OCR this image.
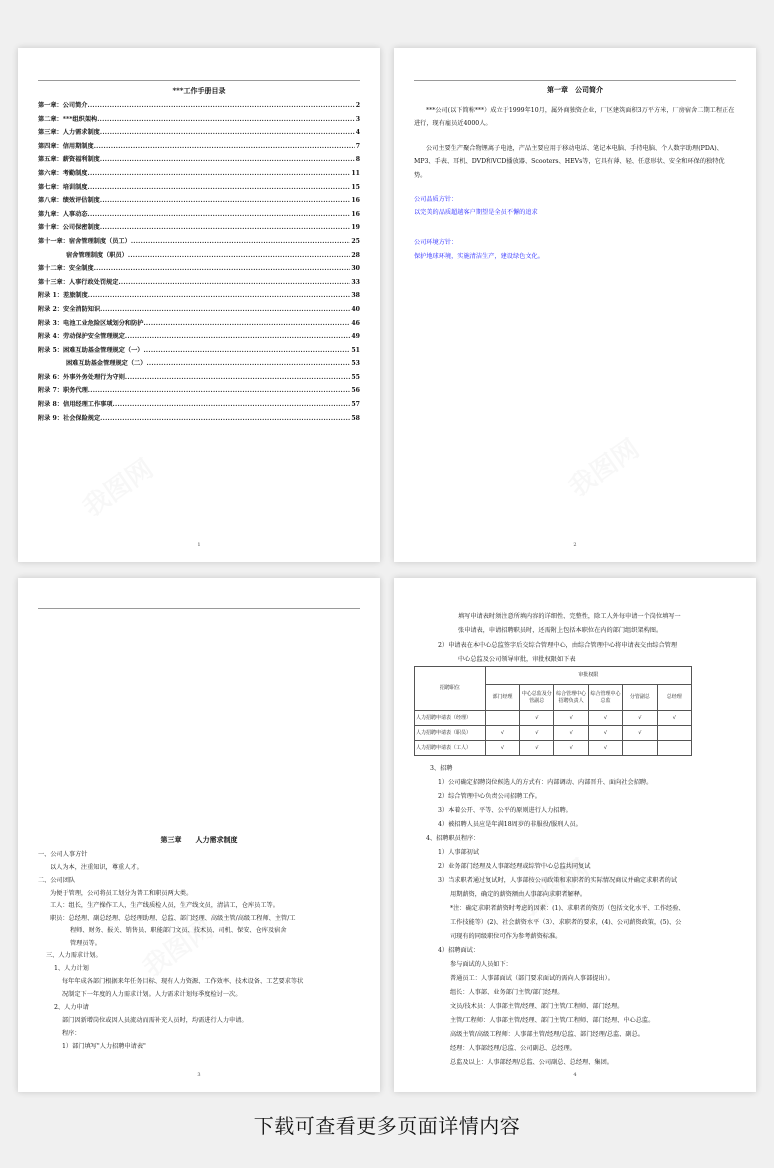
***工作手册目录
第一章：公司简介 .....	2
第二章：***组织架构 .....	3
第三章：人力需求制度 .....	4
第四章：信用期制度 .....	7
第五章：薪资福利制度 .....	8
第六章：考勤制度 .....	11
第七章：培训制度 .....	15
第八章：绩效评估制度 .....	16
第九章：人事动态 .....	16
第十章：公司保密制度 .....	19
第十一章：宿舍管理制度（员工） .....	25
宿舍管理制度（职员） .....	28
第十二章：安全制度 .....	30
第十三章：人事行政处罚规定 .....	33
附录 1：差旅制度 .....	38
附录 2：安全消防知识 .....	40
附录 3：电池工业危险区域划分和防护 .....	46
附录 4：劳动保护安全管理规定 .....	49
附录 5：困难互助基金管理规定（一） .....	51
困难互助基金管理规定（二） .....	53
附录 6：外事外务处理行为守则 .....	55
附录 7：职务代理 .....	56
附录 8：信用经理工作事项 .....	57
附录 9：社会保险规定 .....	58
1
第一章　公司简介
***公司(以下简称***）成立于1999年10月，属外商独资企业，厂区建筑面积3万平方米，厂房宿舍二期工程正在进行，现有雇员近4000人。
公司主要生产聚合物锂离子电池，产品主要应用于移动电话、笔记本电脑、手持电脑、个人数字助理(PDA)、MP3、手表、耳机、DVD和VCD播放器、Scooters、HEVs等，它具有薄、轻、任意形状、安全和环保的独特优势。
公司品质方针：
以完美的品质超越客户期望是全员不懈的追求
公司环境方针：
保护地球环境，实施清洁生产，建设绿色文化。
2
第三章　　人力需求制度
3
一、公司人事方针
以人为本，注重知识，尊重人才。
二、公司团队
为便于管理，公司将员工划分为普工和职员两大类。
工人：组长，生产操作工人，生产线质检人员，生产线文员，清洁工，仓库员工等。
职员：总经理、副总经理、总经理助理、总监、部门经理、高级主管/高级工程师、主管/工
程师、财务、报关、销售员、职能部门文员、技术员、司机、保安、仓库及宿舍
管理员等。
三、人力需求计划。
1、人力计划
每年年成各部门根据来年任务目标、现有人力资源、工作效率、技术设备、工艺要求等状
况制定下一年度的人力需求计划。人力需求计划每季度检讨一次。
2、人力申请
部门因新增岗位或因人员流动而需补充人员时，均需进行人力申请。
程序：
1）部门填写"人力招聘申请表"
招聘职位	审批权限					
	部门经理	中心总监及分管副总	综合管理中心招聘负责人	综合管理中心总监	分管副总	总经理
人力招聘申请表（经理）		√	√	√	√	√
人力招聘申请表（职员）	√	√	√	√	√	
人力招聘申请表（工人）	√	√	√	√		
4
填写申请表时须注意所填内容的详细性、完整性，除工人外每申请一个岗位填写一
张申请表，申请招聘职员时，还需附上包括本职位在内的部门组织架构图。
2）申请表在本中心总监签字后交综合管理中心，由综合管理中心将申请表交由综合管理
中心总监及公司领导审批，审批权限如下表
3、招聘
1）公司确定招聘岗位候选人的方式有：内部调动、内部晋升、面向社会招聘。
2）综合管理中心负责公司招聘工作。
3）本着公开、平等、公平的原则进行人力招聘。
4）被招聘人员应是年满18周岁的非服役/服刑人员。
4、招聘职员程序：
1）人事部初试
2）业务部门经理及人事部经理或综管中心总监共同复试
3）当求职者通过复试时，人事部按公司政策和求职者的实际情况商议并确定求职者的试
用期薪资，确定的薪资额由人事部向求职者解释。
*注：确定求职者薪资时考虑的因素：(1)、求职者的资历（包括文化水平、工作经验、
工作技能等）(2)、社会薪资水平（3）、求职者的要求，(4)、公司薪资政策，(5)、公
司现有的同级职位可作为参考薪资标准。
4）招聘面试：
参与面试的人员如下：
普通员工：人事部面试（部门要求面试的需向人事部提出）。
组长：人事部、业务部门主管/部门经理。
文员/技术员：人事部主管/经理、部门主管/工程师、部门经理。
主管/工程师：人事部主管/经理、部门主管/工程师、部门经理、中心总监。
高级主管/高级工程师：人事部主管/经理/总监、部门经理/总监、副总。
经理：人事部经理/总监、公司副总、总经理。
总监及以上：人事部经理/总监、公司副总、总经理、集团。
下载可查看更多页面详情内容
